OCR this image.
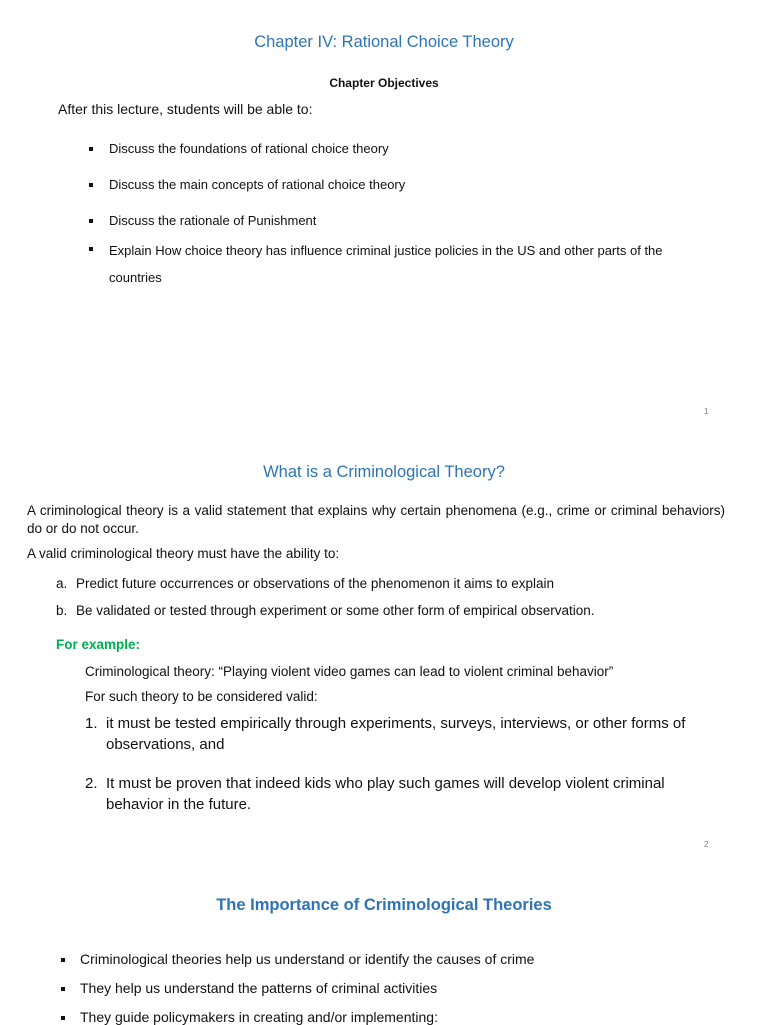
Chapter IV: Rational Choice Theory
Chapter Objectives
After this lecture, students will be able to:
Discuss the foundations of rational choice theory
Discuss the main concepts of rational choice theory
Discuss the rationale of Punishment
Explain How choice theory has influence criminal justice policies in the US and other parts of the
countries
1
What is a Criminological Theory?
A criminological theory is a valid statement that explains why certain phenomena (e.g., crime or criminal behaviors) do or do not occur.
A valid criminological theory must have the ability to:
a. Predict future occurrences or observations of the phenomenon it aims to explain
b. Be validated or tested through experiment or some other form of empirical observation.
For example:
Criminological theory: “Playing violent video games can lead to violent criminal behavior”
For such theory to be considered valid:
1. it must be tested empirically through experiments, surveys, interviews, or other forms of observations, and
2. It must be proven that indeed kids who play such games will develop violent criminal behavior in the future.
2
The Importance of Criminological Theories
Criminological theories help us understand or identify the causes of crime
They help us understand the patterns of criminal activities
They guide policymakers in creating and/or implementing:
